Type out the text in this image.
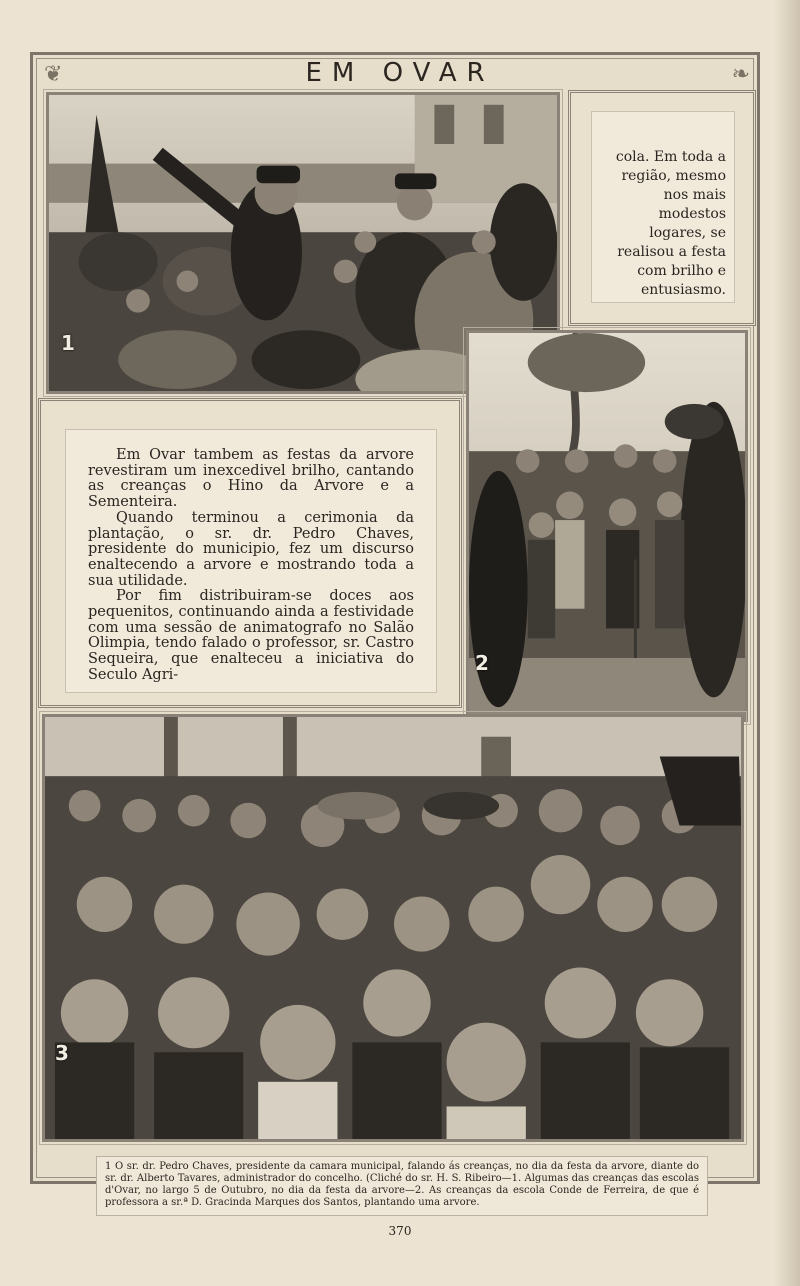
❦	❧
EM OVAR
1

cola. Em toda a região, mesmo nos mais modestos logares, se realisou a festa com brilho e entusiasmo.

Em Ovar tambem as festas da arvore revestiram um inexcedivel brilho, cantando as creanças o Hino da Arvore e a Sementeira.

Quando terminou a cerimonia da plantação, o sr. dr. Pedro Chaves, presidente do municipio, fez um discurso enaltecendo a arvore e mostrando toda a sua utilidade.

Por fim distribuiram-se doces aos pequenitos, continuando ainda a festividade com uma sessão de animatografo no Salão Olimpia, tendo falado o professor, sr. Castro Sequeira, que enalteceu a iniciativa do Seculo Agri-	2
3

1 O sr. dr. Pedro Chaves, presidente da camara municipal, falando ás creanças, no dia da festa da arvore, diante do sr. dr. Alberto Tavares, administrador do concelho. (Cliché do sr. H. S. Ribeiro—1. Algumas das creanças das escolas d'Ovar, no largo 5 de Outubro, no dia da festa da arvore—2. As creanças da escola Conde de Ferreira, de que é professora a sr.ª D. Gracinda Marques dos Santos, plantando uma arvore.

370
